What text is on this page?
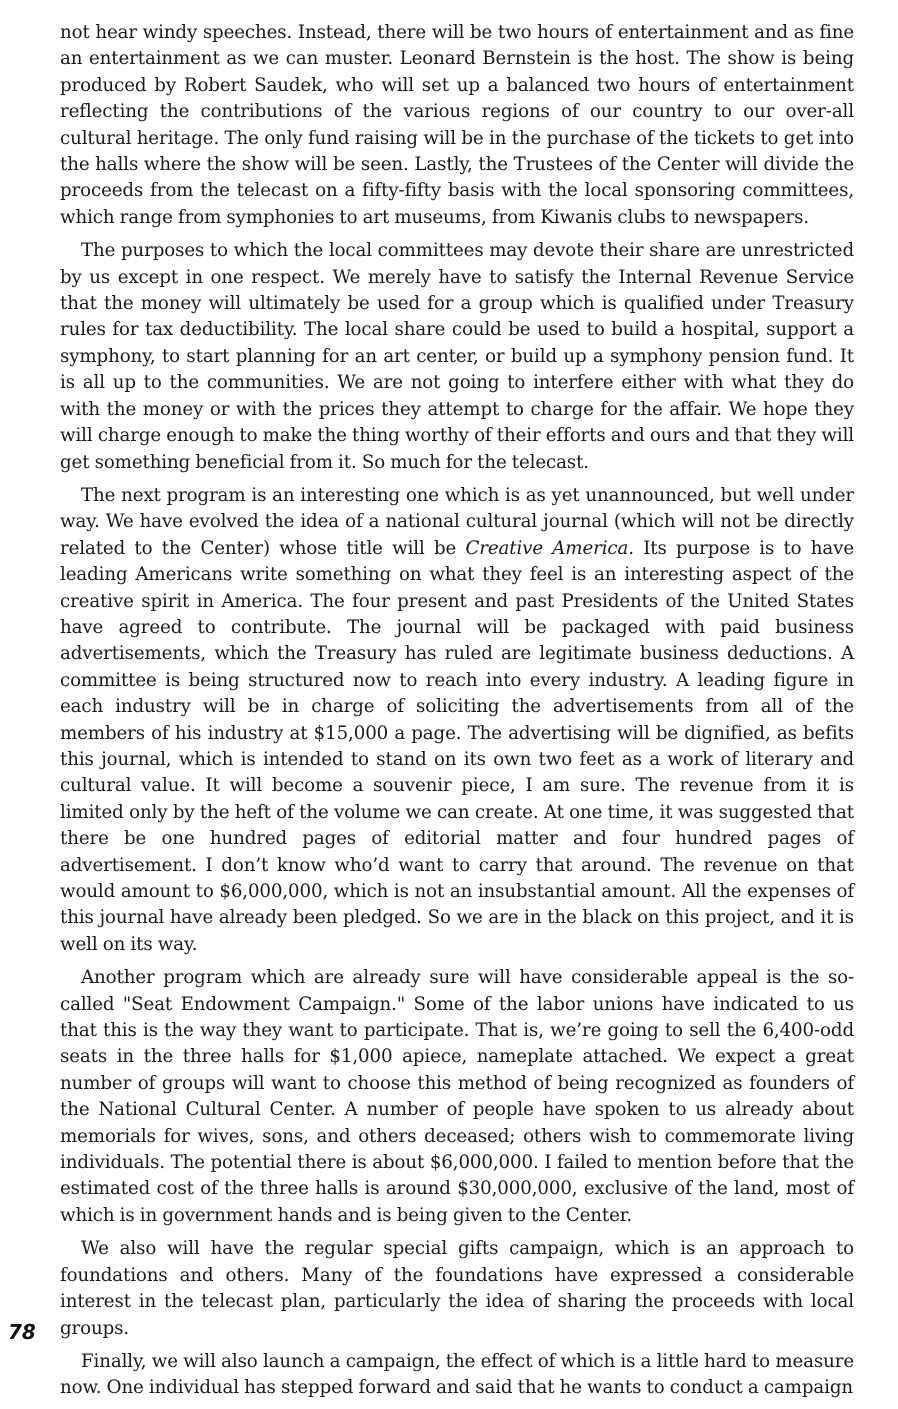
not hear windy speeches. Instead, there will be two hours of entertainment and as fine an entertainment as we can muster. Leonard Bernstein is the host. The show is being produced by Robert Saudek, who will set up a balanced two hours of entertainment reflecting the contributions of the various regions of our country to our over-all cultural heritage. The only fund raising will be in the purchase of the tickets to get into the halls where the show will be seen. Lastly, the Trustees of the Center will divide the proceeds from the telecast on a fifty-fifty basis with the local sponsoring committees, which range from symphonies to art museums, from Kiwanis clubs to newspapers.

The purposes to which the local committees may devote their share are unrestricted by us except in one respect. We merely have to satisfy the Internal Revenue Service that the money will ultimately be used for a group which is qualified under Treasury rules for tax deductibility. The local share could be used to build a hospital, support a symphony, to start planning for an art center, or build up a symphony pension fund. It is all up to the communities. We are not going to interfere either with what they do with the money or with the prices they attempt to charge for the affair. We hope they will charge enough to make the thing worthy of their efforts and ours and that they will get something beneficial from it. So much for the telecast.

The next program is an interesting one which is as yet unannounced, but well under way. We have evolved the idea of a national cultural journal (which will not be directly related to the Center) whose title will be Creative America. Its purpose is to have leading Americans write something on what they feel is an interesting aspect of the creative spirit in America. The four present and past Presidents of the United States have agreed to contribute. The journal will be packaged with paid business advertisements, which the Treasury has ruled are legitimate business deductions. A committee is being structured now to reach into every industry. A leading figure in each industry will be in charge of soliciting the advertisements from all of the members of his industry at $15,000 a page. The advertising will be dignified, as befits this journal, which is intended to stand on its own two feet as a work of literary and cultural value. It will become a souvenir piece, I am sure. The revenue from it is limited only by the heft of the volume we can create. At one time, it was suggested that there be one hundred pages of editorial matter and four hundred pages of advertisement. I don’t know who’d want to carry that around. The revenue on that would amount to $6,000,000, which is not an insubstantial amount. All the expenses of this journal have already been pledged. So we are in the black on this project, and it is well on its way.

Another program which are already sure will have considerable appeal is the so-called "Seat Endowment Campaign." Some of the labor unions have indicated to us that this is the way they want to participate. That is, we’re going to sell the 6,400-odd seats in the three halls for $1,000 apiece, nameplate attached. We expect a great number of groups will want to choose this method of being recognized as founders of the National Cultural Center. A number of people have spoken to us already about memorials for wives, sons, and others deceased; others wish to commemorate living individuals. The potential there is about $6,000,000. I failed to mention before that the estimated cost of the three halls is around $30,000,000, exclusive of the land, most of which is in government hands and is being given to the Center.

We also will have the regular special gifts campaign, which is an approach to foundations and others. Many of the foundations have expressed a considerable interest in the telecast plan, particularly the idea of sharing the proceeds with local groups.

Finally, we will also launch a campaign, the effect of which is a little hard to measure now. One individual has stepped forward and said that he wants to conduct a campaign

78
